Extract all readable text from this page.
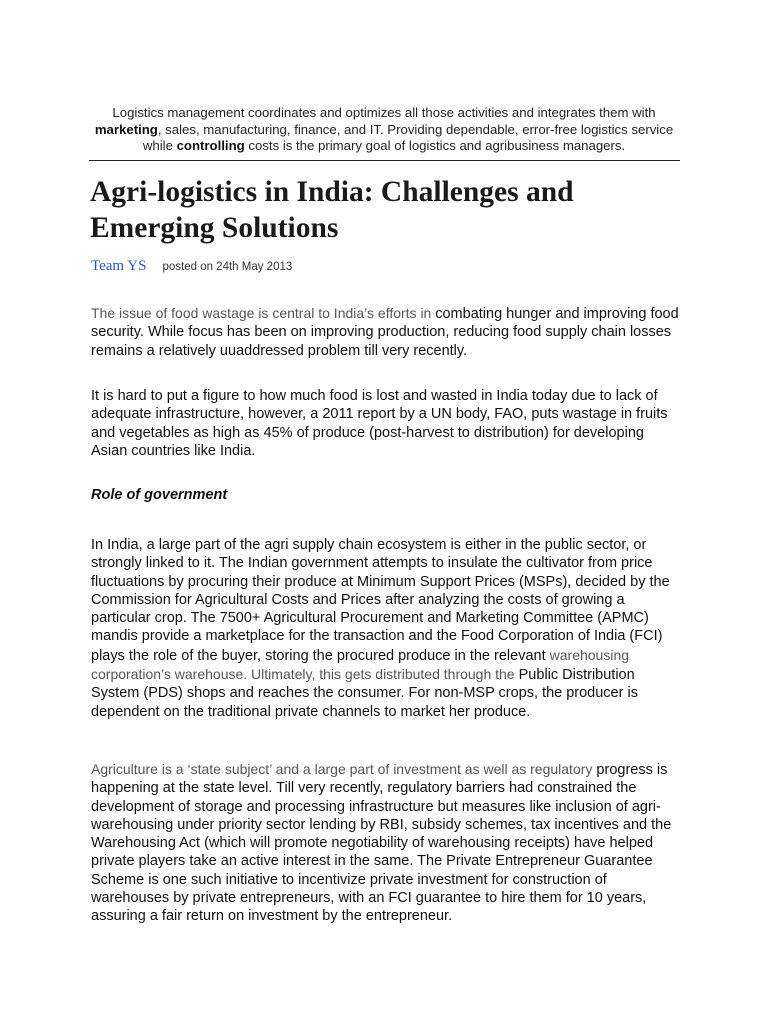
Logistics management coordinates and optimizes all those activities and integrates them with marketing, sales, manufacturing, finance, and IT. Providing dependable, error-free logistics service while controlling costs is the primary goal of logistics and agribusiness managers.

Agri-logistics in India: Challenges and Emerging Solutions
Team YS posted on 24th May 2013

The issue of food wastage is central to India’s efforts in combating hunger and improving food security. While focus has been on improving production, reducing food supply chain losses remains a relatively uuaddressed problem till very recently.

It is hard to put a figure to how much food is lost and wasted in India today due to lack of adequate infrastructure, however, a 2011 report by a UN body, FAO, puts wastage in fruits and vegetables as high as 45% of produce (post-harvest to distribution) for developing Asian countries like India.

Role of government

In India, a large part of the agri supply chain ecosystem is either in the public sector, or strongly linked to it. The Indian government attempts to insulate the cultivator from price fluctuations by procuring their produce at Minimum Support Prices (MSPs), decided by the Commission for Agricultural Costs and Prices after analyzing the costs of growing a particular crop. The 7500+ Agricultural Procurement and Marketing Committee (APMC) mandis provide a marketplace for the transaction and the Food Corporation of India (FCI) plays the role of the buyer, storing the procured produce in the relevant warehousing corporation’s warehouse. Ultimately, this gets distributed through the Public Distribution System (PDS) shops and reaches the consumer. For non-MSP crops, the producer is dependent on the traditional private channels to market her produce.

Agriculture is a ‘state subject’ and a large part of investment as well as regulatory progress is happening at the state level. Till very recently, regulatory barriers had constrained the development of storage and processing infrastructure but measures like inclusion of agri-warehousing under priority sector lending by RBI, subsidy schemes, tax incentives and the Warehousing Act (which will promote negotiability of warehousing receipts) have helped private players take an active interest in the same. The Private Entrepreneur Guarantee Scheme is one such initiative to incentivize private investment for construction of warehouses by private entrepreneurs, with an FCI guarantee to hire them for 10 years, assuring a fair return on investment by the entrepreneur.
